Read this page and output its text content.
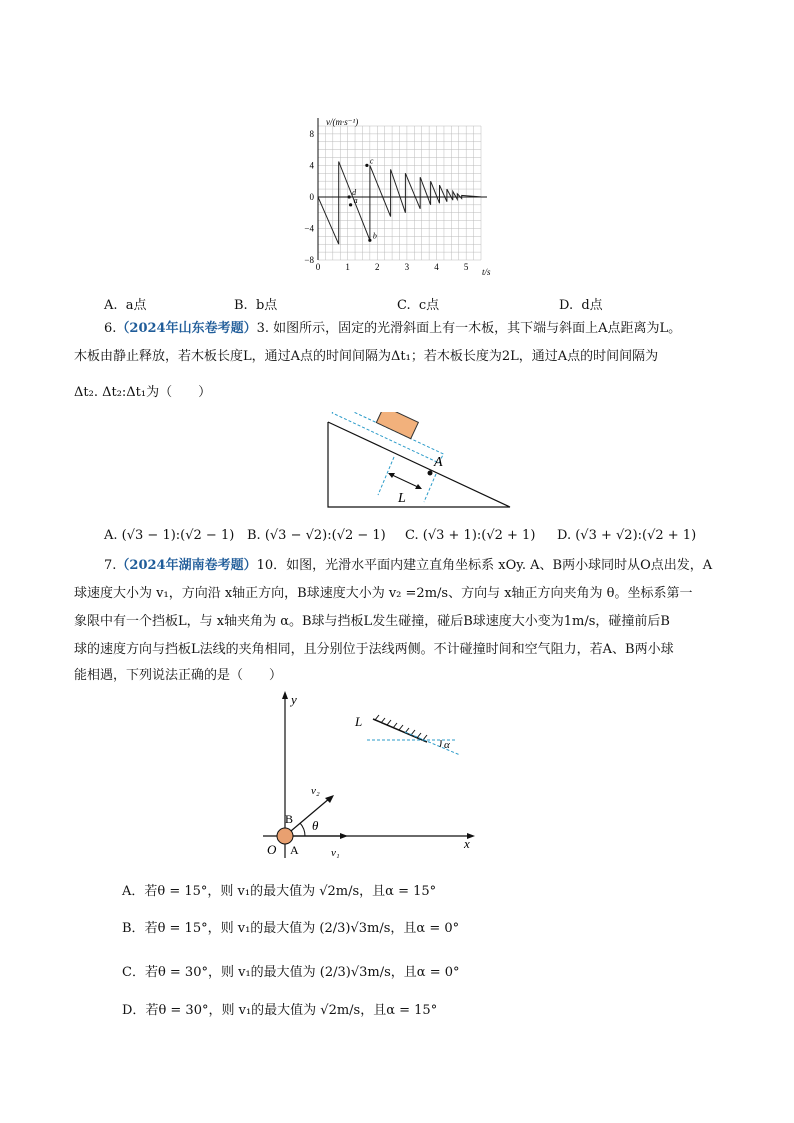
8
4
0
−4
−8
0	1	2	3	4	5
a
b
c
d
v/(m·s⁻¹)
t/s
A. a点	B. b点	C. c点	D. d点
6.（2024年山东卷考题）3. 如图所示，固定的光滑斜面上有一木板，其下端与斜面上A点距离为L。
木板由静止释放，若木板长度L，通过A点的时间间隔为Δt₁；若木板长度为2L，通过A点的时间间隔为
Δt₂. Δt₂:Δt₁为（　　）
A
L
A. (√3 − 1):(√2 − 1) B. (√3 − √2):(√2 − 1) C. (√3 + 1):(√2 + 1) D. (√3 + √2):(√2 + 1)
7.（2024年湖南卷考题）10．如图，光滑水平面内建立直角坐标系 xOy. A、B两小球同时从O点出发，A
球速度大小为 v₁，方向沿 x轴正方向，B球速度大小为 v₂ =2m/s、方向与 x轴正方向夹角为 θ。坐标系第一
象限中有一个挡板L，与 x轴夹角为 α。B球与挡板L发生碰撞，碰后B球速度大小变为1m/s，碰撞前后B
球的速度方向与挡板L法线的夹角相同，且分别位于法线两侧。不计碰撞时间和空气阻力，若A、B两小球
能相遇，下列说法正确的是（　　）
y
x
L
α
v₂
θ
v₁
B
O A
A．若θ = 15°，则 v₁的最大值为 √2m/s，且α = 15°
B．若θ = 15°，则 v₁的最大值为 (2/3)√3m/s，且α = 0°
C．若θ = 30°，则 v₁的最大值为 (2/3)√3m/s，且α = 0°
D．若θ = 30°，则 v₁的最大值为 √2m/s，且α = 15°
